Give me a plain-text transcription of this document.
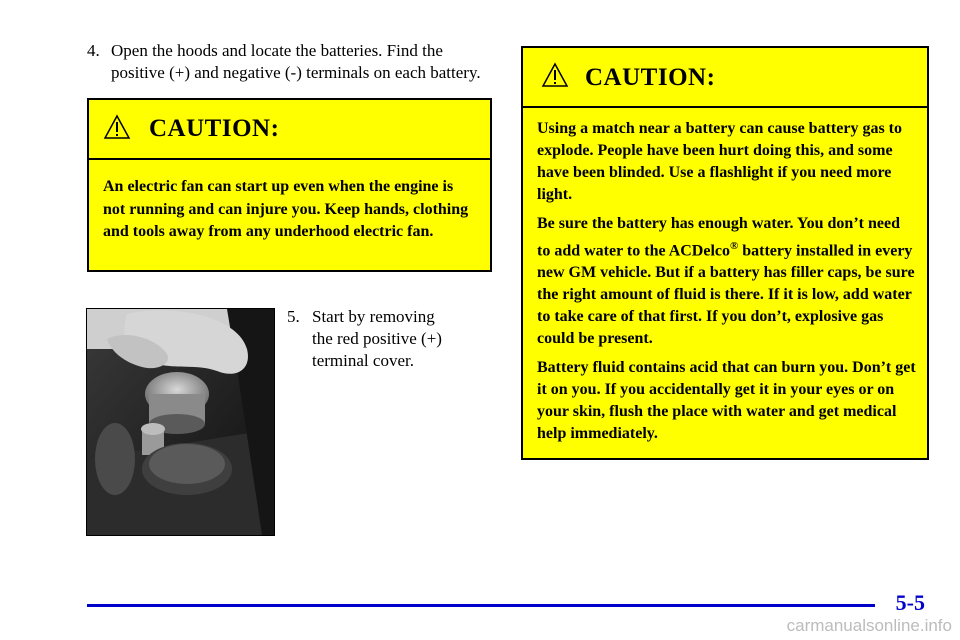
4. Open the hoods and locate the batteries. Find the
positive (+) and negative (-) terminals on each battery.
CAUTION:

An electric fan can start up even when the engine is not running and can injure you. Keep hands, clothing and tools away from any underhood electric fan.

5. Start by removing
the red positive (+)
terminal cover.
CAUTION:

Using a match near a battery can cause battery gas to explode. People have been hurt doing this, and some have been blinded. Use a flashlight if you need more light.

Be sure the battery has enough water. You don’t need to add water to the ACDelco® battery installed in every new GM vehicle. But if a battery has filler caps, be sure the right amount of fluid is there. If it is low, add water to take care of that first. If you don’t, explosive gas could be present.

Battery fluid contains acid that can burn you. Don’t get it on you. If you accidentally get it in your eyes or on your skin, flush the place with water and get medical help immediately.

5-5
carmanualsonline.info
